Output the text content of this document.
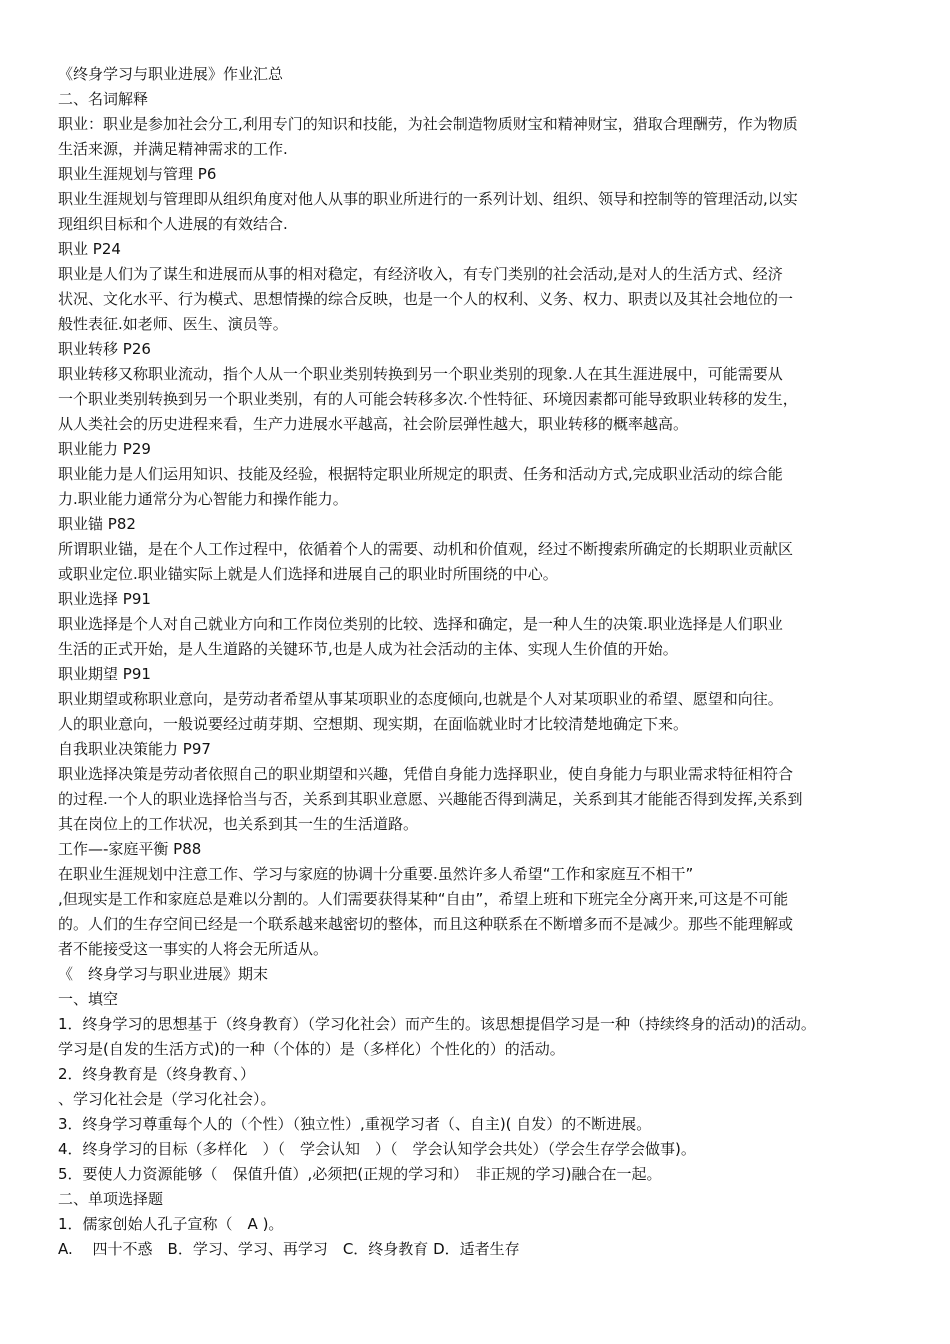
《终身学习与职业进展》作业汇总
二、名词解释
职业：职业是参加社会分工,利用专门的知识和技能，为社会制造物质财宝和精神财宝，猎取合理酬劳，作为物质
生活来源，并满足精神需求的工作.
职业生涯规划与管理 P6
职业生涯规划与管理即从组织角度对他人从事的职业所进行的一系列计划、组织、领导和控制等的管理活动,以实
现组织目标和个人进展的有效结合.
职业 P24
职业是人们为了谋生和进展而从事的相对稳定，有经济收入，有专门类别的社会活动,是对人的生活方式、经济
状况、文化水平、行为模式、思想情操的综合反映，也是一个人的权利、义务、权力、职责以及其社会地位的一
般性表征.如老师、医生、演员等。
职业转移 P26
职业转移又称职业流动，指个人从一个职业类别转换到另一个职业类别的现象.人在其生涯进展中，可能需要从
一个职业类别转换到另一个职业类别，有的人可能会转移多次.个性特征、环境因素都可能导致职业转移的发生，
从人类社会的历史进程来看，生产力进展水平越高，社会阶层弹性越大，职业转移的概率越高。
职业能力 P29
职业能力是人们运用知识、技能及经验，根据特定职业所规定的职责、任务和活动方式,完成职业活动的综合能
力.职业能力通常分为心智能力和操作能力。
职业锚 P82
所谓职业锚，是在个人工作过程中，依循着个人的需要、动机和价值观，经过不断搜索所确定的长期职业贡献区
或职业定位.职业锚实际上就是人们选择和进展自己的职业时所围绕的中心。
职业选择 P91
职业选择是个人对自己就业方向和工作岗位类别的比较、选择和确定，是一种人生的决策.职业选择是人们职业
生活的正式开始，是人生道路的关键环节,也是人成为社会活动的主体、实现人生价值的开始。
职业期望 P91
职业期望或称职业意向，是劳动者希望从事某项职业的态度倾向,也就是个人对某项职业的希望、愿望和向往。
人的职业意向，一般说要经过萌芽期、空想期、现实期，在面临就业时才比较清楚地确定下来。
自我职业决策能力 P97
职业选择决策是劳动者依照自己的职业期望和兴趣，凭借自身能力选择职业，使自身能力与职业需求特征相符合
的过程.一个人的职业选择恰当与否，关系到其职业意愿、兴趣能否得到满足，关系到其才能能否得到发挥,关系到
其在岗位上的工作状况，也关系到其一生的生活道路。
工作—-家庭平衡 P88
在职业生涯规划中注意工作、学习与家庭的协调十分重要.虽然许多人希望“工作和家庭互不相干”
,但现实是工作和家庭总是难以分割的。人们需要获得某种“自由”，希望上班和下班完全分离开来,可这是不可能
的。人们的生存空间已经是一个联系越来越密切的整体，而且这种联系在不断增多而不是减少。那些不能理解或
者不能接受这一事实的人将会无所适从。
《　终身学习与职业进展》期末
一、填空
1．终身学习的思想基于（终身教育）（学习化社会）而产生的。该思想提倡学习是一种（持续终身的活动)的活动。
学习是(自发的生活方式)的一种（个体的）是（多样化）个性化的）的活动。
2．终身教育是（终身教育、）
、学习化社会是（学习化社会）。
3．终身学习尊重每个人的（个性）（独立性）,重视学习者（、自主)( 自发）的不断进展。
4．终身学习的目标（多样化　）（　学会认知　）（　学会认知学会共处）（学会生存学会做事)。
5．要使人力资源能够（　保值升值）,必须把(正规的学习和）　非正规的学习)融合在一起。
二、单项选择题
1．儒家创始人孔子宣称（　A )。
A.　 四十不惑　B．学习、学习、再学习　C．终身教育 D．适者生存
